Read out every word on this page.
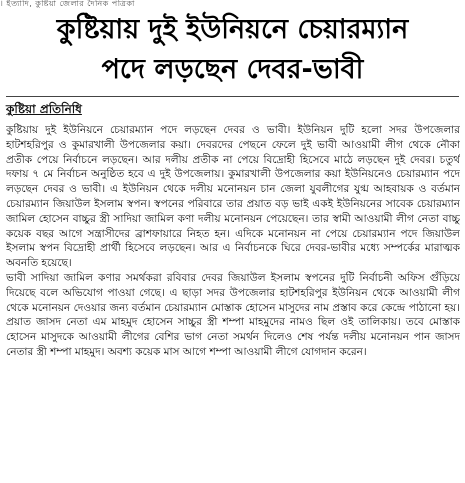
। ইত্যাদি, কুষ্টিয়া জেলার দৈনিক পত্রিকা
কুষ্টিয়ায় দুই ইউনিয়নে চেয়ারম্যান
পদে লড়ছেন দেবর-ভাবী
কুষ্টিয়া প্রতিনিধি

কুষ্টিয়ায় দুই ইউনিয়নে চেয়ারম্যান পদে লড়ছেন দেবর ও ভাবী। ইউনিয়ন দুটি হলো সদর উপজেলার হাটশহরিপুর ও কুমারখালী উপজেলার কয়া। দেবরদের পেছনে ফেলে দুই ভাবী আওয়ামী লীগ থেকে নৌকা প্রতীক পেয়ে নির্বাচনে লড়ছেন। আর দলীয় প্রতীক না পেয়ে বিদ্রোহী হিসেবে মাঠে লড়ছেন দুই দেবর। চতুর্থ দফায় ৭ মে নির্বাচন অনুষ্ঠিত হবে এ দুই উপজেলায়। কুমারখালী উপজেলার কয়া ইউনিয়নেও চেয়ারম্যান পদে লড়ছেন দেবর ও ভাবী। এ ইউনিয়ন থেকে দলীয় মনোনয়ন চান জেলা যুবলীগের যুগ্ম আহবায়ক ও বর্তমান চেয়ারম্যান জিয়াউল ইসলাম স্বপন। স্বপনের পরিবারে তার প্রয়াত বড় ভাই একই ইউনিয়নের সাবেক চেয়ারম্যান জামিল হোসেন বাচ্চুর স্ত্রী সাদিয়া জামিল কণা দলীয় মনোনয়ন পেয়েছেন। তার স্বামী আওয়ামী লীগ নেতা বাচ্চু কয়েক বছর আগে সন্ত্রাসীদের ব্রাশফায়ারে নিহত হন। এদিকে মনোনয়ন না পেয়ে চেয়ারম্যান পদে জিয়াউল ইসলাম স্বপন বিদ্রোহী প্রার্থী হিসেবে লড়ছেন। আর এ নির্বাচনকে ঘিরে দেবর-ভাবীর মধ্যে সম্পর্কের মারাত্মক অবনতি হয়েছে।

ভাবী সাদিয়া জামিল কণার সমর্থকরা রবিবার দেবর জিয়াউল ইসলাম স্বপনের দুটি নির্বাচনী অফিস গুঁড়িয়ে দিয়েছে বলে অভিযোগ পাওয়া গেছে। এ ছাড়া সদর উপজেলার হাটশহরিপুর ইউনিয়ন থেকে আওয়ামী লীগ থেকে মনোনয়ন দেওয়ার জন্য বর্তমান চেয়ারম্যান মোস্তাক হোসেন মাসুদের নাম প্রস্তাব করে কেন্দ্রে পাঠানো হয়। প্রয়াত জাসদ নেতা এম মাহমুদ হোসেন সাচ্চুর স্ত্রী শম্পা মাহমুদের নামও ছিল ওই তালিকায়। তবে মোস্তাক হোসেন মাসুদকে আওয়ামী লীগের বেশির ভাগ নেতা সমর্থন দিলেও শেষ পর্যন্ত দলীয় মনোনয়ন পান জাসদ নেতার স্ত্রী শম্পা মাহমুদ। অবশ্য কয়েক মাস আগে শম্পা আওয়ামী লীগে যোগদান করেন।
